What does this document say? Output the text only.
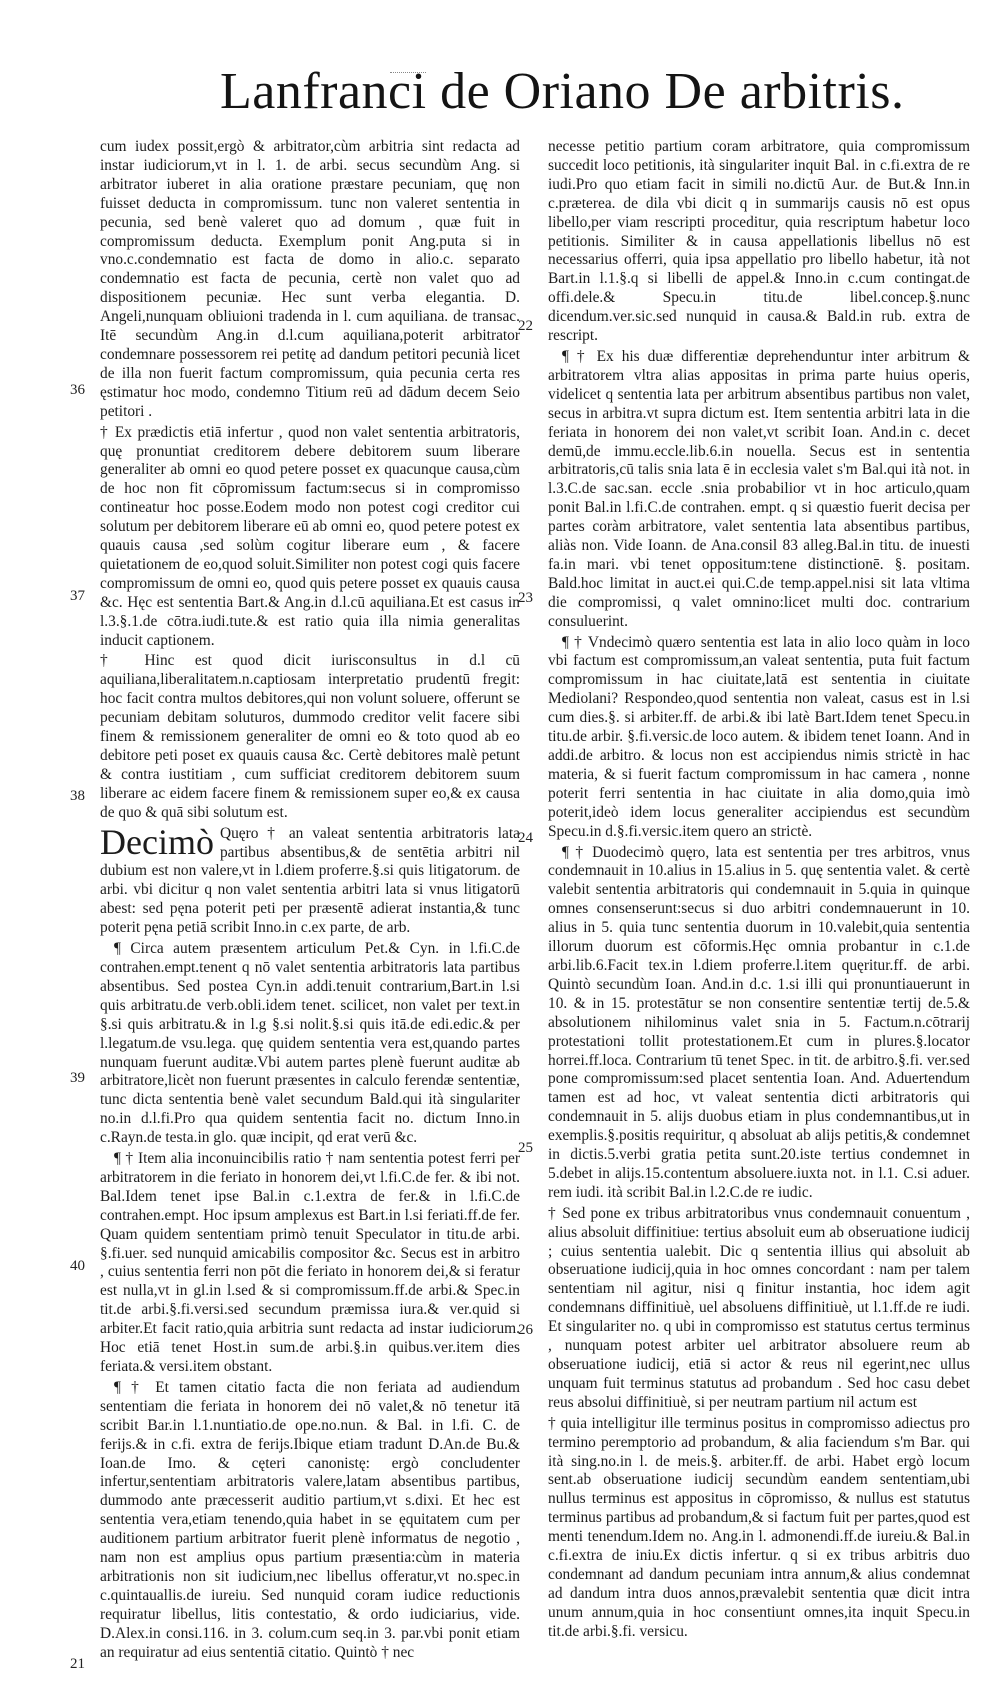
Lanfranci de Oriano De arbitris.

cum iudex possit,ergò & arbitrator,cùm arbitria sint redacta ad instar iudiciorum,vt in l. 1. de arbi. secus secundùm Ang. si arbitrator iuberet in alia oratione præstare pecuniam, quę non fuisset deducta in compromissum. tunc non valeret sententia in pecunia, sed benè valeret quo ad domum , quæ fuit in compromissum deducta. Exemplum ponit Ang.puta si in vno.c.condemnatio est facta de domo in alio.c. separato condemnatio est facta de pecunia, certè non valet quo ad dispositionem pecuniæ. Hec sunt verba elegantia. D. Angeli,nunquam obliuioni tradenda in l. cum aquiliana. de transac. Itē secundùm Ang.in d.l.cum aquiliana,poterit arbitrator condemnare possessorem rei petitę ad dandum petitori pecunià licet de illa non fuerit factum compromissum, quia pecunia certa res ęstimatur hoc modo, condemno Titium reū ad dādum decem Seio petitori .

† Ex prædictis etiā infertur , quod non valet sententia arbitratoris, quę pronuntiat creditorem debere debitorem suum liberare generaliter ab omni eo quod petere posset ex quacunque causa,cùm de hoc non fit cōpromissum factum:secus si in compromisso contineatur hoc posse.Eodem modo non potest cogi creditor cui solutum per debitorem liberare eū ab omni eo, quod petere potest ex quauis causa ,sed solùm cogitur liberare eum , & facere quietationem de eo,quod soluit.Similiter non potest cogi quis facere compromissum de omni eo, quod quis petere posset ex quauis causa &c. Hęc est sententia Bart.& Ang.in d.l.cū aquiliana.Et est casus in l.3.§.1.de cōtra.iudi.tute.& est ratio quia illa nimia generalitas inducit captionem.

† Hinc est quod dicit iurisconsultus in d.l cū aquiliana,liberalitatem.n.captiosam interpretatio prudentū fregit: hoc facit contra multos debitores,qui non volunt soluere, offerunt se pecuniam debitam soluturos, dummodo creditor velit facere sibi finem & remissionem generaliter de omni eo & toto quod ab eo debitore peti poset ex quauis causa &c. Certè debitores malè petunt & contra iustitiam , cum sufficiat creditorem debitorem suum liberare ac eidem facere finem & remissionem super eo,& ex causa de quo & quā sibi solutum est.

Decimò Quęro † an valeat sententia arbitratoris lata partibus absentibus,& de sentētia arbitri nil dubium est non valere,vt in l.diem proferre.§.si quis litigatorum. de arbi. vbi dicitur q non valet sententia arbitri lata si vnus litigatorū abest: sed pęna poterit peti per præsentē adierat instantia,& tunc poterit pęna petiā scribit Inno.in c.ex parte, de arb.

¶ Circa autem præsentem articulum Pet.& Cyn. in l.fi.C.de contrahen.empt.tenent q nō valet sententia arbitratoris lata partibus absentibus. Sed postea Cyn.in addi.tenuit contrarium,Bart.in l.si quis arbitratu.de verb.obli.idem tenet. scilicet, non valet per text.in §.si quis arbitratu.& in l.g §.si nolit.§.si quis itā.de edi.edic.& per l.legatum.de vsu.lega. quę quidem sententia vera est,quando partes nunquam fuerunt auditæ.Vbi autem partes plenè fuerunt auditæ ab arbitratore,licèt non fuerunt præsentes in calculo ferendæ sententiæ, tunc dicta sententia benè valet secundum Bald.qui ità singulariter no.in d.l.fi.Pro qua quidem sententia facit no. dictum Inno.in c.Rayn.de testa.in glo. quæ incipit, qd erat verū &c.

¶ † Item alia inconuincibilis ratio † nam sententia potest ferri per arbitratorem in die feriato in honorem dei,vt l.fi.C.de fer. & ibi not. Bal.Idem tenet ipse Bal.in c.1.extra de fer.& in l.fi.C.de contrahen.empt. Hoc ipsum amplexus est Bart.in l.si feriati.ff.de fer. Quam quidem sententiam primò tenuit Speculator in titu.de arbi. §.fi.uer. sed nunquid amicabilis compositor &c. Secus est in arbitro , cuius sententia ferri non pōt die feriato in honorem dei,& si feratur est nulla,vt in gl.in l.sed & si compromissum.ff.de arbi.& Spec.in tit.de arbi.§.fi.versi.sed secundum præmissa iura.& ver.quid si arbiter.Et facit ratio,quia arbitria sunt redacta ad instar iudiciorum. Hoc etiā tenet Host.in sum.de arbi.§.in quibus.ver.item dies feriata.& versi.item obstant.

¶ † Et tamen citatio facta die non feriata ad audiendum sententiam die feriata in honorem dei nō valet,& nō tenetur itā scribit Bar.in l.1.nuntiatio.de ope.no.nun. & Bal. in l.fi. C. de ferijs.& in c.fi. extra de ferijs.Ibique etiam tradunt D.An.de Bu.& Ioan.de Imo. & cęteri canonistę: ergò concludenter infertur,sententiam arbitratoris valere,latam absentibus partibus, dummodo ante præcesserit auditio partium,vt s.dixi. Et hec est sententia vera,etiam tenendo,quia habet in se ęquitatem cum per auditionem partium arbitrator fuerit plenè informatus de negotio , nam non est amplius opus partium præsentia:cùm in materia arbitrationis non sit iudicium,nec libellus offeratur,vt no.spec.in c.quintauallis.de iureiu. Sed nunquid coram iudice reductionis requiratur libellus, litis contestatio, & ordo iudiciarius, vide. D.Alex.in consi.116. in 3. colum.cum seq.in 3. par.vbi ponit etiam an requiratur ad eius sententiā citatio. Quintò † nec

necesse petitio partium coram arbitratore, quia compromissum succedit loco petitionis, ità singulariter inquit Bal. in c.fi.extra de re iudi.Pro quo etiam facit in simili no.dictū Aur. de But.& Inn.in c.præterea. de dila vbi dicit q in summarijs causis nō est opus libello,per viam rescripti proceditur, quia rescriptum habetur loco petitionis. Similiter & in causa appellationis libellus nō est necessarius offerri, quia ipsa appellatio pro libello habetur, ità not Bart.in l.1.§.q si libelli de appel.& Inno.in c.cum contingat.de offi.dele.& Specu.in titu.de libel.concep.§.nunc dicendum.ver.sic.sed nunquid in causa.& Bald.in rub. extra de rescript.

¶ † Ex his duæ differentiæ deprehenduntur inter arbitrum & arbitratorem vltra alias appositas in prima parte huius operis, videlicet q sententia lata per arbitrum absentibus partibus non valet, secus in arbitra.vt supra dictum est. Item sententia arbitri lata in die feriata in honorem dei non valet,vt scribit Ioan. And.in c. decet demū,de immu.eccle.lib.6.in nouella. Secus est in sententia arbitratoris,cū talis snia lata ē in ecclesia valet s'm Bal.qui ità not. in l.3.C.de sac.san. eccle .snia probabilior vt in hoc articulo,quam ponit Bal.in l.fi.C.de contrahen. empt. q si quæstio fuerit decisa per partes coràm arbitratore, valet sententia lata absentibus partibus, aliàs non. Vide Ioann. de Ana.consil 83 alleg.Bal.in titu. de inuesti fa.in mari. vbi tenet oppositum:tene distinctionē. §. positam. Bald.hoc limitat in auct.ei qui.C.de temp.appel.nisi sit lata vltima die compromissi, q valet omnino:licet multi doc. contrarium consuluerint.

¶ † Vndecimò quæro sententia est lata in alio loco quàm in loco vbi factum est compromissum,an valeat sententia, puta fuit factum compromissum in hac ciuitate,latā est sententia in ciuitate Mediolani? Respondeo,quod sententia non valeat, casus est in l.si cum dies.§. si arbiter.ff. de arbi.& ibi latè Bart.Idem tenet Specu.in titu.de arbir. §.fi.versic.de loco autem. & ibidem tenet Ioann. And in addi.de arbitro. & locus non est accipiendus nimis strictè in hac materia, & si fuerit factum compromissum in hac camera , nonne poterit ferri sententia in hac ciuitate in alia domo,quia imò poterit,ideò idem locus generaliter accipiendus est secundùm Specu.in d.§.fi.versic.item quero an strictè.

¶ † Duodecimò quęro, lata est sententia per tres arbitros, vnus condemnauit in 10.alius in 15.alius in 5. quę sententia valet. & certè valebit sententia arbitratoris qui condemnauit in 5.quia in quinque omnes consenserunt:secus si duo arbitri condemnauerunt in 10. alius in 5. quia tunc sententia duorum in 10.valebit,quia sententia illorum duorum est cōformis.Hęc omnia probantur in c.1.de arbi.lib.6.Facit tex.in l.diem proferre.l.item quęritur.ff. de arbi. Quintò secundùm Ioan. And.in d.c. 1.si illi qui pronuntiauerunt in 10. & in 15. protestātur se non consentire sententiæ tertij de.5.& absolutionem nihilominus valet snia in 5. Factum.n.cōtrarij protestationi tollit protestationem.Et cum in plures.§.locator horrei.ff.loca. Contrarium tū tenet Spec. in tit. de arbitro.§.fi. ver.sed pone compromissum:sed placet sententia Ioan. And. Aduertendum tamen est ad hoc, vt valeat sententia dicti arbitratoris qui condemnauit in 5. alijs duobus etiam in plus condemnantibus,ut in exemplis.§.positis requiritur, q absoluat ab alijs petitis,& condemnet in dictis.5.verbi gratia petita sunt.20.iste tertius condemnet in 5.debet in alijs.15.contentum absoluere.iuxta not. in l.1. C.si aduer. rem iudi. ità scribit Bal.in l.2.C.de re iudic.

† Sed pone ex tribus arbitratoribus vnus condemnauit conuentum , alius absoluit diffinitiue: tertius absoluit eum ab obseruatione iudicij ; cuius sententia ualebit. Dic q sententia illius qui absoluit ab obseruatione iudicij,quia in hoc omnes concordant : nam per talem sententiam nil agitur, nisi q finitur instantia, hoc idem agit condemnans diffinitiuè, uel absoluens diffinitiuè, ut l.1.ff.de re iudi. Et singulariter no. q ubi in compromisso est statutus certus terminus , nunquam potest arbiter uel arbitrator absoluere reum ab obseruatione iudicij, etiā si actor & reus nil egerint,nec ullus unquam fuit terminus statutus ad probandum . Sed hoc casu debet reus absolui diffinitiuè, si per neutram partium nil actum est

† quia intelligitur ille terminus positus in compromisso adiectus pro termino peremptorio ad probandum, & alia faciendum s'm Bar. qui ità sing.no.in l. de meis.§. arbiter.ff. de arbi. Habet ergò locum sent.ab obseruatione iudicij secundùm eandem sententiam,ubi nullus terminus est appositus in cōpromisso, & nullus est statutus terminus partibus ad probandum,& si factum fuit per partes,quod est menti tenendum.Idem no. Ang.in l. admonendi.ff.de iureiu.& Bal.in c.fi.extra de iniu.Ex dictis infertur. q si ex tribus arbitris duo condemnant ad dandum pecuniam intra annum,& alius condemnat ad dandum intra duos annos,prævalebit sententia quæ dicit intra unum annum,quia in hoc consentiunt omnes,ita inquit Specu.in tit.de arbi.§.fi. versicu.

36
37
38
39
40
21
22
23
24
25
26
